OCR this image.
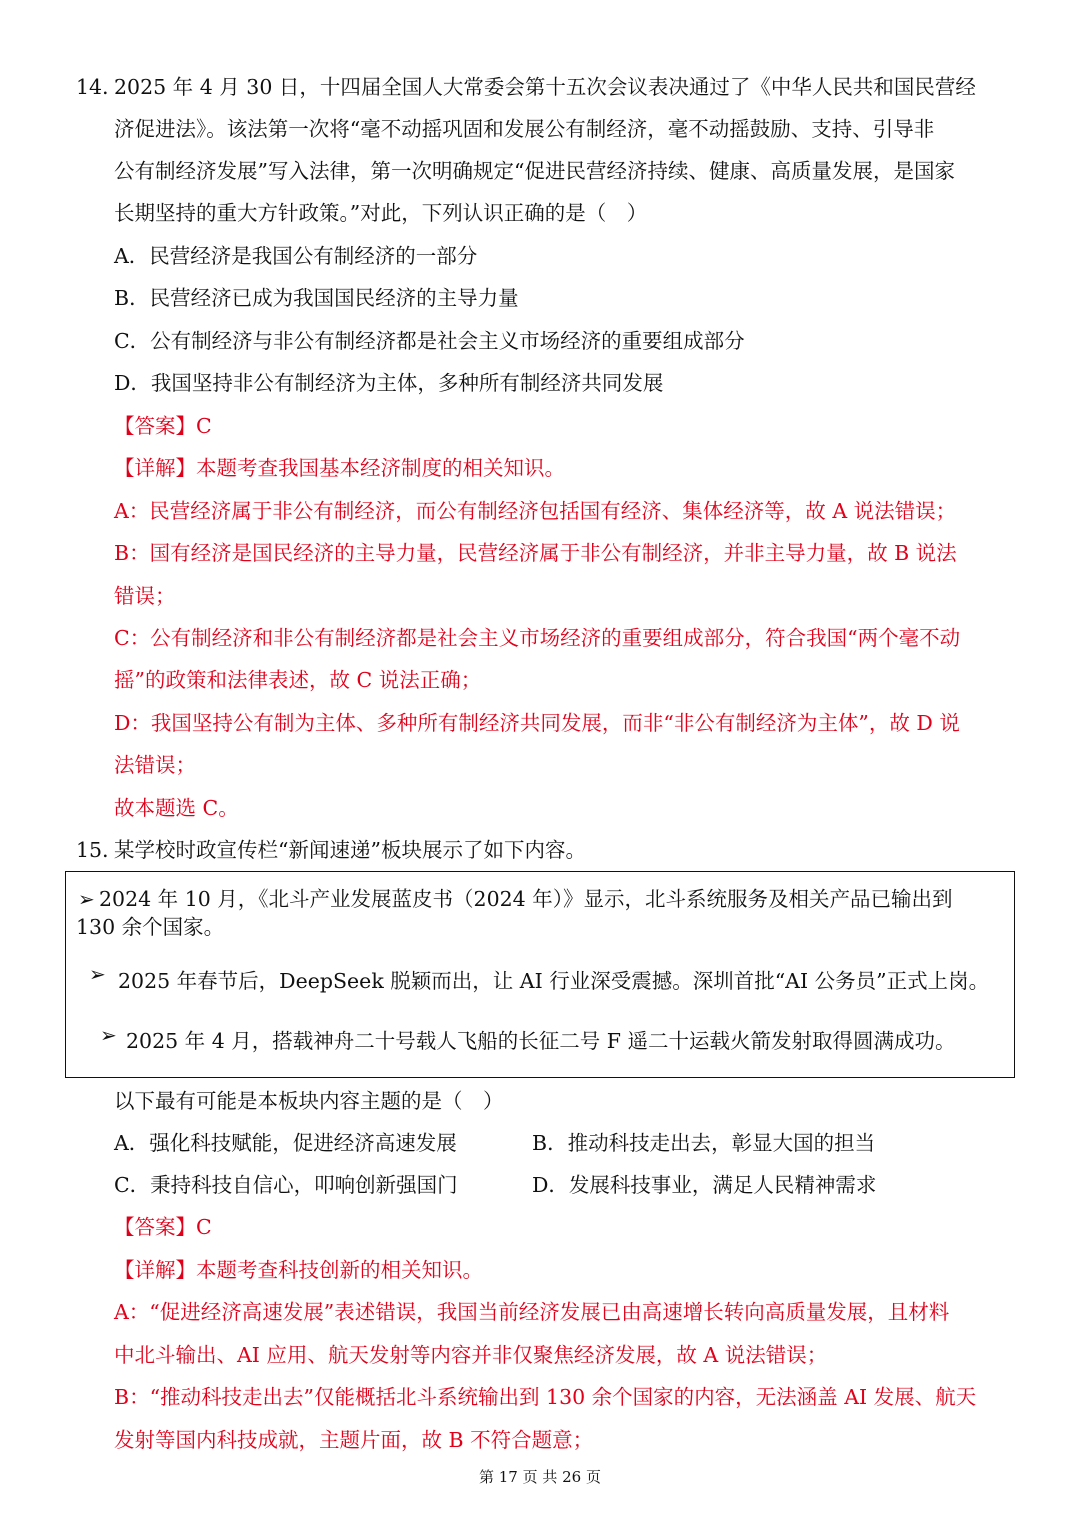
14．
2025 年 4 月 30 日，十四届全国人大常委会第十五次会议表决通过了《中华人民共和国民营经
济促进法》。该法第一次将“毫不动摇巩固和发展公有制经济，毫不动摇鼓励、支持、引导非
公有制经济发展”写入法律，第一次明确规定“促进民营经济持续、健康、高质量发展，是国家
长期坚持的重大方针政策。”对此，下列认识正确的是（　）
A．民营经济是我国公有制经济的一部分
B．民营经济已成为我国国民经济的主导力量
C．公有制经济与非公有制经济都是社会主义市场经济的重要组成部分
D．我国坚持非公有制经济为主体，多种所有制经济共同发展
【答案】C
【详解】本题考查我国基本经济制度的相关知识。
A：民营经济属于非公有制经济，而公有制经济包括国有经济、集体经济等，故 A 说法错误；
B：国有经济是国民经济的主导力量，民营经济属于非公有制经济，并非主导力量，故 B 说法
错误；
C：公有制经济和非公有制经济都是社会主义市场经济的重要组成部分，符合我国“两个毫不动
摇”的政策和法律表述，故 C 说法正确；
D：我国坚持公有制为主体、多种所有制经济共同发展，而非“非公有制经济为主体”，故 D 说
法错误；
故本题选 C。
15．
某学校时政宣传栏“新闻速递”板块展示了如下内容。
➢ 2024 年 10 月，《北斗产业发展蓝皮书（2024 年）》显示，北斗系统服务及相关产品已输出到
130 余个国家。
➢ 2025 年春节后，DeepSeek 脱颖而出，让 AI 行业深受震撼。深圳首批“AI 公务员”正式上岗。
➢ 2025 年 4 月，搭载神舟二十号载人飞船的长征二号 F 遥二十运载火箭发射取得圆满成功。
以下最有可能是本板块内容主题的是（　）
A．强化科技赋能，促进经济高速发展	B．推动科技走出去，彰显大国的担当
C．秉持科技自信心，叩响创新强国门	D．发展科技事业，满足人民精神需求
【答案】C
【详解】本题考查科技创新的相关知识。
A：“促进经济高速发展”表述错误，我国当前经济发展已由高速增长转向高质量发展，且材料
中北斗输出、AI 应用、航天发射等内容并非仅聚焦经济发展，故 A 说法错误；
B：“推动科技走出去”仅能概括北斗系统输出到 130 余个国家的内容，无法涵盖 AI 发展、航天
发射等国内科技成就，主题片面，故 B 不符合题意；
第 17 页 共 26 页
